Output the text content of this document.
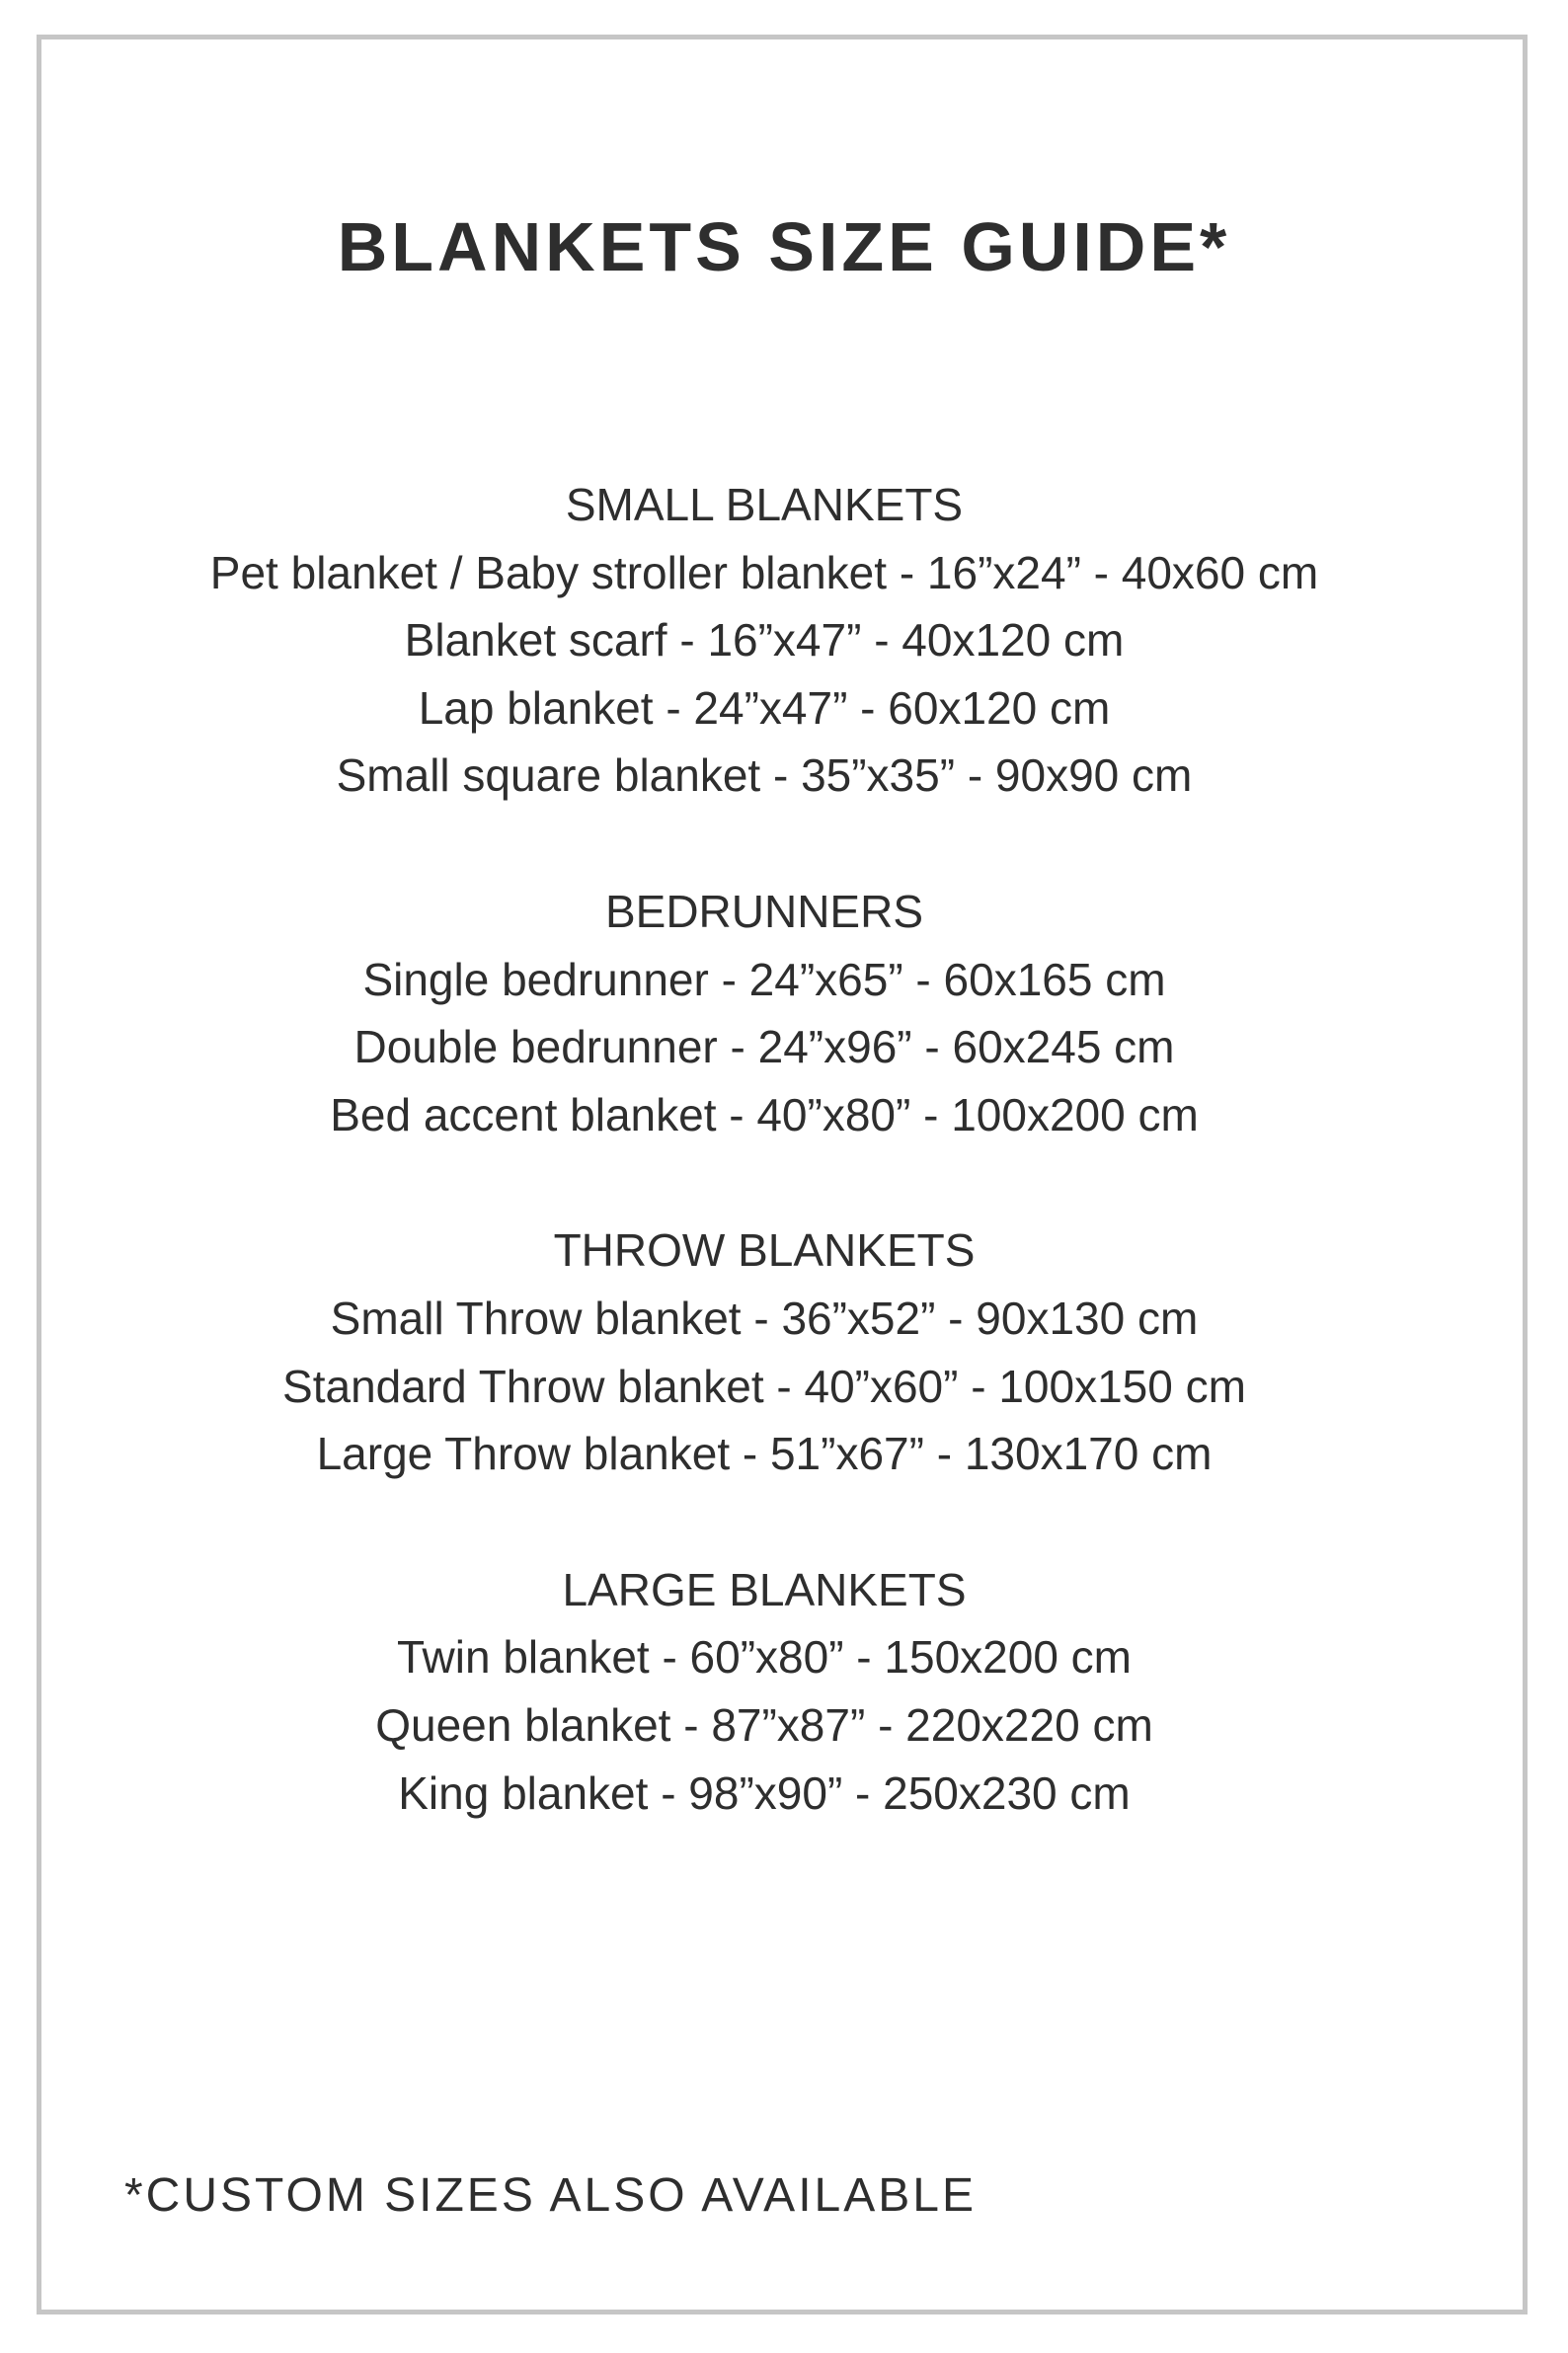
BLANKETS SIZE GUIDE*
SMALL BLANKETS
Pet blanket / Baby stroller blanket - 16”x24” - 40x60 cm
Blanket scarf - 16”x47” - 40x120 cm
Lap blanket - 24”x47” - 60x120 cm
Small square blanket - 35”x35” - 90x90 cm
BEDRUNNERS
Single bedrunner - 24”x65” - 60x165 cm
Double bedrunner - 24”x96” - 60x245 cm
Bed accent blanket - 40”x80” - 100x200 cm
THROW BLANKETS
Small Throw blanket - 36”x52” - 90x130 cm
Standard Throw blanket - 40”x60” - 100x150 cm
Large Throw blanket - 51”x67” - 130x170 cm
LARGE BLANKETS
Twin blanket - 60”x80” - 150x200 cm
Queen blanket - 87”x87” - 220x220 cm
King blanket - 98”x90” - 250x230 cm
*CUSTOM SIZES ALSO AVAILABLE
